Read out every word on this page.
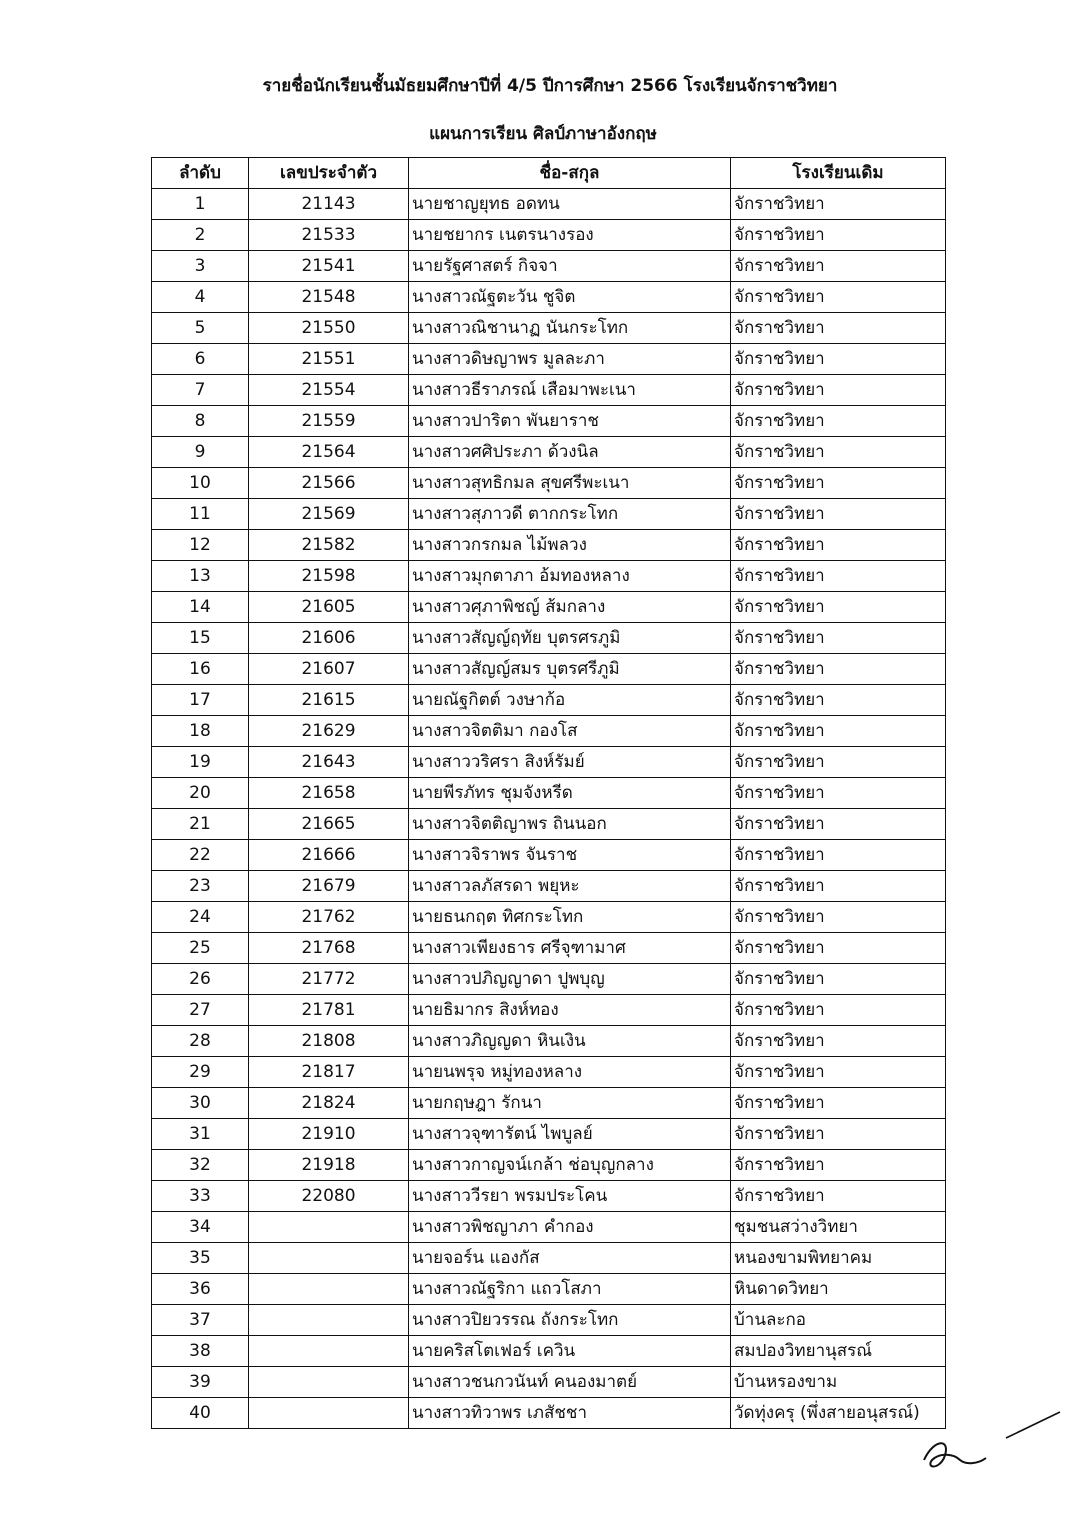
รายชื่อนักเรียนชั้นมัธยมศึกษาปีที่ 4/5 ปีการศึกษา 2566 โรงเรียนจักราชวิทยา
แผนการเรียน ศิลป์ภาษาอังกฤษ
ลำดับ	เลขประจำตัว	ชื่อ-สกุล	โรงเรียนเดิม
1	21143	นายชาญยุทธ อดทน	จักราชวิทยา
2	21533	นายชยากร เนตรนางรอง	จักราชวิทยา
3	21541	นายรัฐศาสตร์ กิจจา	จักราชวิทยา
4	21548	นางสาวณัฐตะวัน ชูจิต	จักราชวิทยา
5	21550	นางสาวณิชานาฏ นันกระโทก	จักราชวิทยา
6	21551	นางสาวดิษญาพร มูลละภา	จักราชวิทยา
7	21554	นางสาวธีราภรณ์ เสือมาพะเนา	จักราชวิทยา
8	21559	นางสาวปาริตา พันยาราช	จักราชวิทยา
9	21564	นางสาวศศิประภา ด้วงนิล	จักราชวิทยา
10	21566	นางสาวสุทธิกมล สุขศรีพะเนา	จักราชวิทยา
11	21569	นางสาวสุภาวดี ตากกระโทก	จักราชวิทยา
12	21582	นางสาวกรกมล ไม้พลวง	จักราชวิทยา
13	21598	นางสาวมุกตาภา อ้มทองหลาง	จักราชวิทยา
14	21605	นางสาวศุภาพิชญ์ ส้มกลาง	จักราชวิทยา
15	21606	นางสาวสัญญ์ฤทัย บุตรศรภูมิ	จักราชวิทยา
16	21607	นางสาวสัญญ์สมร บุตรศรีภูมิ	จักราชวิทยา
17	21615	นายณัฐกิตต์ วงษาก้อ	จักราชวิทยา
18	21629	นางสาวจิตติมา กองโส	จักราชวิทยา
19	21643	นางสาววริศรา สิงห์รัมย์	จักราชวิทยา
20	21658	นายพีรภัทร ชุมจังหรีด	จักราชวิทยา
21	21665	นางสาวจิตติญาพร ถินนอก	จักราชวิทยา
22	21666	นางสาวจิราพร จันราช	จักราชวิทยา
23	21679	นางสาวลภัสรดา พยุหะ	จักราชวิทยา
24	21762	นายธนกฤต ทิศกระโทก	จักราชวิทยา
25	21768	นางสาวเพียงธาร ศรีจุฑามาศ	จักราชวิทยา
26	21772	นางสาวปภิญญาดา ปูพบุญ	จักราชวิทยา
27	21781	นายธิมากร สิงห์ทอง	จักราชวิทยา
28	21808	นางสาวภิญญดา หินเงิน	จักราชวิทยา
29	21817	นายนพรุจ หมู่ทองหลาง	จักราชวิทยา
30	21824	นายกฤษฎา รักนา	จักราชวิทยา
31	21910	นางสาวจุฑารัตน์ ไพบูลย์	จักราชวิทยา
32	21918	นางสาวกาญจน์เกล้า ช่อบุญกลาง	จักราชวิทยา
33	22080	นางสาววีรยา พรมประโคน	จักราชวิทยา
34		นางสาวพิชญาภา คำกอง	ชุมชนสว่างวิทยา
35		นายจอร์น แองกัส	หนองขามพิทยาคม
36		นางสาวณัฐริกา แถวโสภา	หินดาดวิทยา
37		นางสาวปิยวรรณ ถังกระโทก	บ้านละกอ
38		นายคริสโตเฟอร์ เควิน	สมปองวิทยานุสรณ์
39		นางสาวชนกวนันท์ คนองมาตย์	บ้านหรองขาม
40		นางสาวทิวาพร เภสัชชา	วัดทุ่งครุ (พึ่งสายอนุสรณ์)
